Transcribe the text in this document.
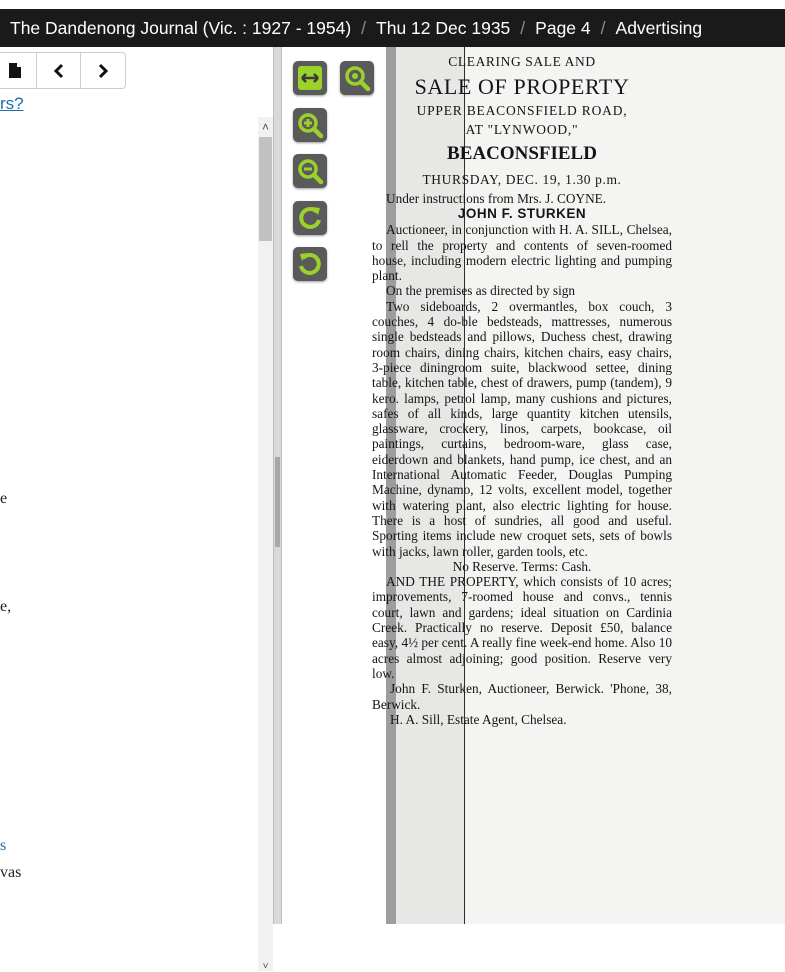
The Dandenong Journal (Vic. : 1927 - 1954) / Thu 12 Dec 1935 / Page 4 / Advertising
rs?
e
e,
s
vas
˄
˅
CLEARING SALE AND
SALE OF PROPERTY
UPPER BEACONSFIELD ROAD,
AT "LYNWOOD,"
BEACONSFIELD
THURSDAY, DEC. 19, 1.30 p.m.

Under instructions from Mrs. J. COYNE.

JOHN F. STURKEN

Auctioneer, in conjunction with H. A. SILL, Chelsea, to rell the property and contents of seven-roomed house, including modern electric lighting and pumping plant.

On the premises as directed by sign

Two sideboards, 2 overmantles, box couch, 3 couches, 4 do-ble bedsteads, mattresses, numerous single bedsteads and pillows, Duchess chest, drawing room chairs, dining chairs, kitchen chairs, easy chairs, 3-piece diningroom suite, blackwood settee, dining table, kitchen table, chest of drawers, pump (tandem), 9 kero. lamps, petrol lamp, many cushions and pictures, safes of all kinds, large quantity kitchen utensils, glassware, crockery, linos, carpets, bookcase, oil paintings, curtains, bedroom-ware, glass case, eiderdown and blankets, hand pump, ice chest, and an International Automatic Feeder, Douglas Pumping Machine, dynamo, 12 volts, excellent model, together with watering plant, also electric lighting for house. There is a host of sundries, all good and useful. Sporting items include new croquet sets, sets of bowls with jacks, lawn roller, garden tools, etc.

No Reserve. Terms: Cash.

AND THE PROPERTY, which consists of 10 acres; improvements, 7-roomed house and convs., tennis court, lawn and gardens; ideal situation on Cardinia Creek. Practically no reserve. Deposit £50, balance easy, 4½ per cent. A really fine week-end home. Also 10 acres almost adjoining; good position. Reserve very low.

John F. Sturken, Auctioneer, Berwick. 'Phone, 38, Berwick.

H. A. Sill, Estate Agent, Chelsea.
